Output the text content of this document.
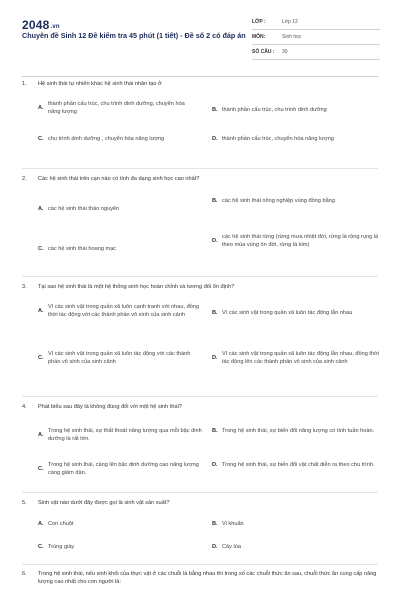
2048.vn
Chuyên đề Sinh 12 Đề kiểm tra 45 phút (1 tiết) - Đề số 2 có đáp án
LỚP :	Lớp 12
MÔN:	Sinh học
SỐ CÂU :	30
1.	Hệ sinh thái tự nhiên khác hệ sinh thái nhân tạo ở
A.
thành phần cấu trúc, chu trình dinh dưỡng, chuyển hóa năng lượng	B. thành phần cấu trúc, chu trình dinh dưỡng
C. chu trình dinh dưỡng , chuyển hóa năng lượng	D. thành phần cấu trúc, chuyển hóa năng lượng
2.	Các hệ sinh thái trên cạn nào có tính đa dạng sinh học cao nhất?
A. các hệ sinh thái thảo nguyên
B. các hệ sinh thái nông nghiệp vùng đồng bằng
C. các hệ sinh thái hoang mạc
D.
các hệ sinh thái rừng (rừng mưa nhiệt đới, rừng lá rộng rụng lá theo mùa vùng ôn đới, rừng lá kim)
3.	Tại sao hệ sinh thái là một hệ thống sinh học hoàn chỉnh và tương đối ổn định?
A.
Vì các sinh vật trong quần xã luôn cạnh tranh với nhau, đồng thời tác động với các thành phần vô sinh của sinh cảnh	B. Vì các sinh vật trong quần xã luôn tác động lẫn nhau
C.
Vì các sinh vật trong quần xã luôn tác động với các thành phần vô sinh của sinh cảnh
D.
Vì các sinh vật trong quần xã luôn tác động lẫn nhau, đồng thời tác động lên các thành phần vô sinh của sinh cảnh
4.	Phát biểu sau đây là không đúng đối với một hệ sinh thái?
A.
Trong hệ sinh thái, sự thất thoát năng lượng qua mỗi bậc dinh dưỡng là rất lớn.
B. Trong hệ sinh thái, sự biến đổi năng lượng có tính tuần hoàn.
C.
Trong hệ sinh thái, càng lên bậc dinh dưỡng cao năng lượng càng giảm dần.
D. Trong hệ sinh thái, sự biến đổi vật chất diễn ra theo chu trình.
5.	Sinh vật nào dưới đây được gọi là sinh vật sản xuất?
A. Con chuột	B. Vi khuẩn
C. Trùng giày	D. Cây lúa
6.	Trong hệ sinh thái, nếu sinh khối của thực vật ở các chuỗi là bằng nhau thì trong số các chuỗi thức ăn sau, chuỗi thức ăn cung cấp năng lượng cao nhất cho con người là:
